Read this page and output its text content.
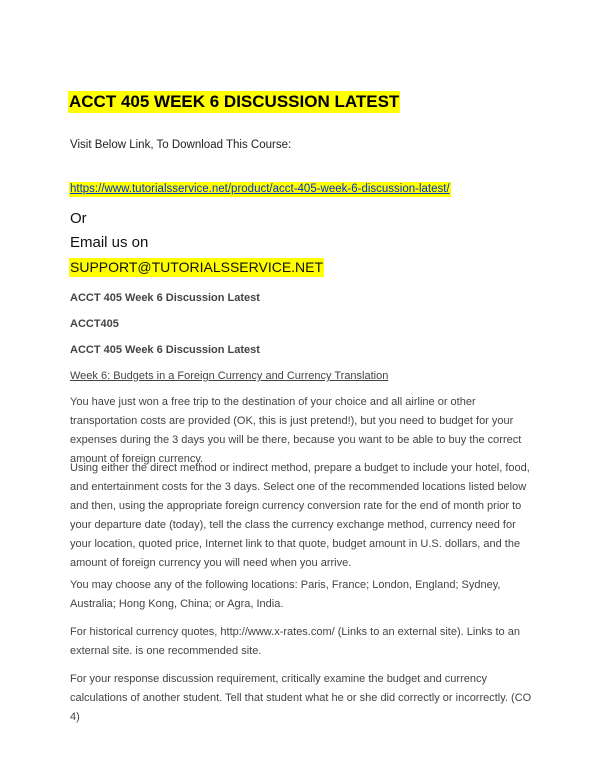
ACCT 405 WEEK 6 DISCUSSION LATEST
Visit Below Link, To Download This Course:
https://www.tutorialsservice.net/product/acct-405-week-6-discussion-latest/
Or
Email us on
SUPPORT@TUTORIALSSERVICE.NET
ACCT 405 Week 6 Discussion Latest
ACCT405
ACCT 405 Week 6 Discussion Latest
Week 6: Budgets in a Foreign Currency and Currency Translation

You have just won a free trip to the destination of your choice and all airline or other transportation costs are provided (OK, this is just pretend!), but you need to budget for your expenses during the 3 days you will be there, because you want to be able to buy the correct amount of foreign currency.

Using either the direct method or indirect method, prepare a budget to include your hotel, food, and entertainment costs for the 3 days. Select one of the recommended locations listed below and then, using the appropriate foreign currency conversion rate for the end of month prior to your departure date (today), tell the class the currency exchange method, currency need for your location, quoted price, Internet link to that quote, budget amount in U.S. dollars, and the amount of foreign currency you will need when you arrive.

You may choose any of the following locations: Paris, France; London, England; Sydney, Australia; Hong Kong, China; or Agra, India.

For historical currency quotes, http://www.x-rates.com/ (Links to an external site). Links to an external site. is one recommended site.

For your response discussion requirement, critically examine the budget and currency calculations of another student. Tell that student what he or she did correctly or incorrectly. (CO 4)
